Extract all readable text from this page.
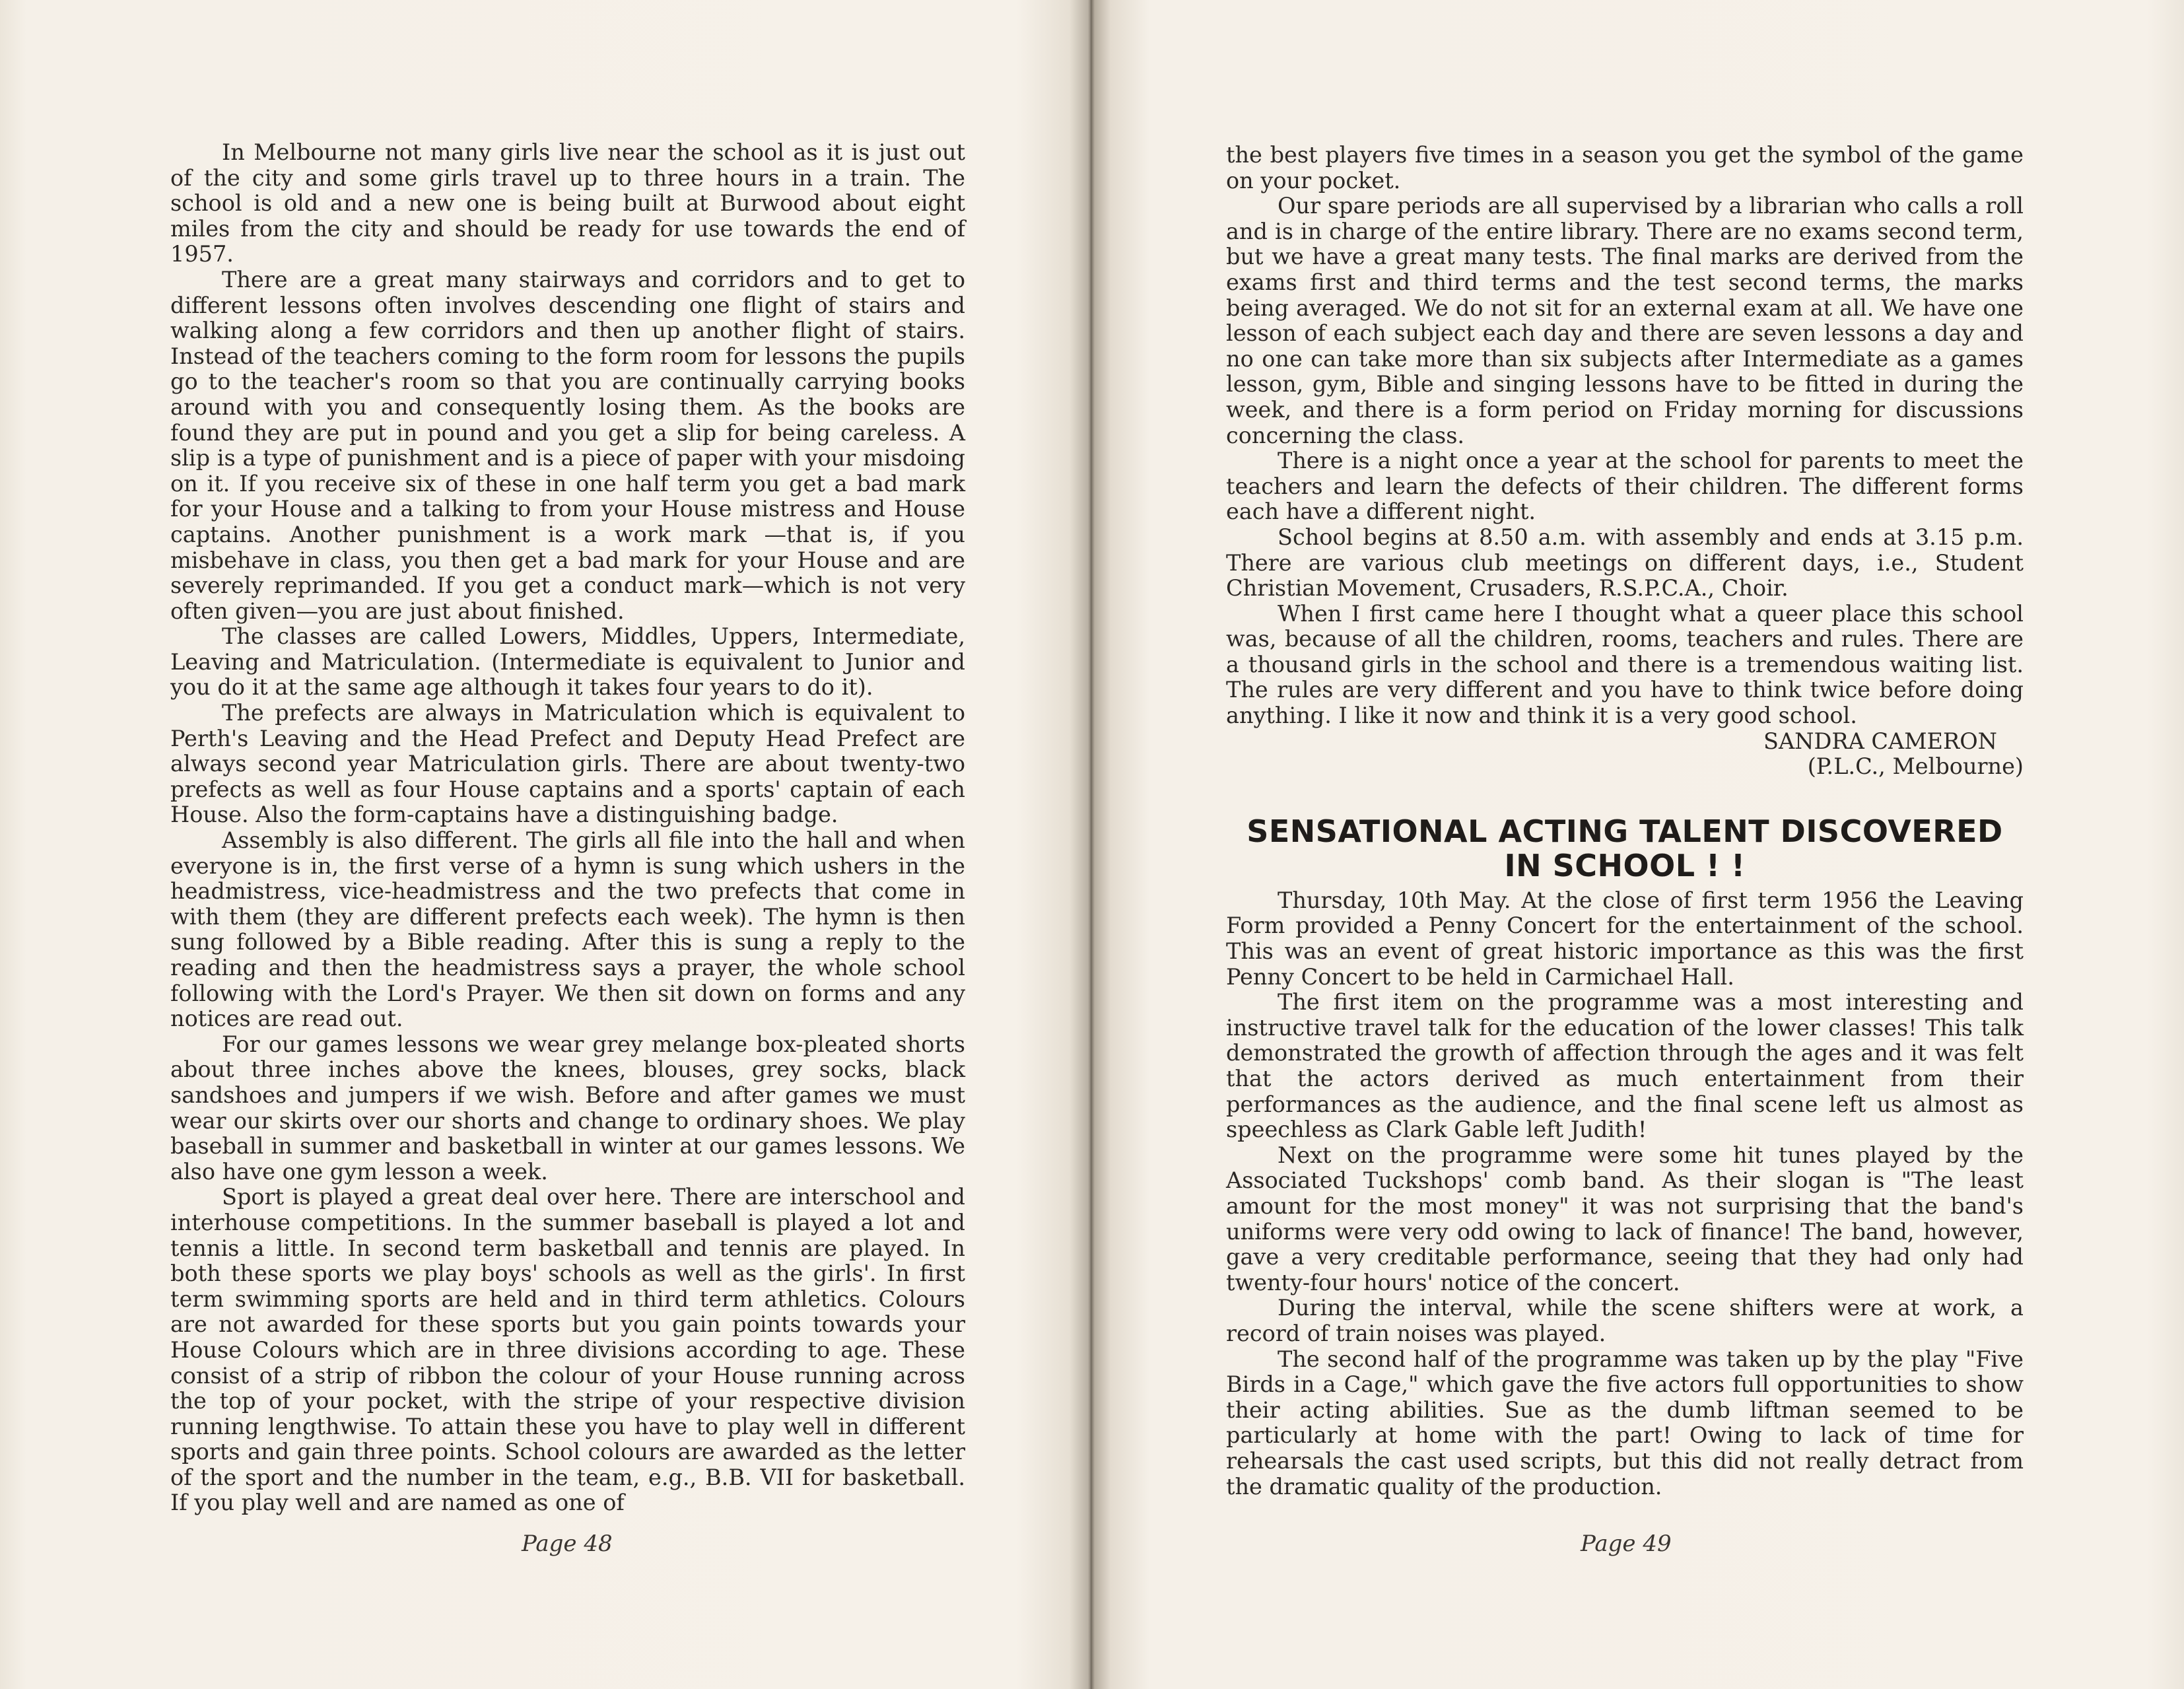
In Melbourne not many girls live near the school as it is just out of the city and some girls travel up to three hours in a train. The school is old and a new one is being built at Burwood about eight miles from the city and should be ready for use towards the end of 1957.

There are a great many stairways and corridors and to get to different lessons often involves descending one flight of stairs and walking along a few corridors and then up another flight of stairs. Instead of the teachers coming to the form room for lessons the pupils go to the teacher's room so that you are continually carrying books around with you and consequently losing them. As the books are found they are put in pound and you get a slip for being careless. A slip is a type of punishment and is a piece of paper with your misdoing on it. If you receive six of these in one half term you get a bad mark for your House and a talking to from your House mistress and House captains. Another punishment is a work mark —that is, if you misbehave in class, you then get a bad mark for your House and are severely reprimanded. If you get a conduct mark—which is not very often given—you are just about finished.

The classes are called Lowers, Middles, Uppers, Intermediate, Leaving and Matriculation. (Intermediate is equivalent to Junior and you do it at the same age although it takes four years to do it).

The prefects are always in Matriculation which is equivalent to Perth's Leaving and the Head Prefect and Deputy Head Prefect are always second year Matriculation girls. There are about twenty-two prefects as well as four House captains and a sports' captain of each House. Also the form-captains have a distinguishing badge.

Assembly is also different. The girls all file into the hall and when everyone is in, the first verse of a hymn is sung which ushers in the headmistress, vice-headmistress and the two prefects that come in with them (they are different prefects each week). The hymn is then sung followed by a Bible reading. After this is sung a reply to the reading and then the headmistress says a prayer, the whole school following with the Lord's Prayer. We then sit down on forms and any notices are read out.

For our games lessons we wear grey melange box-pleated shorts about three inches above the knees, blouses, grey socks, black sandshoes and jumpers if we wish. Before and after games we must wear our skirts over our shorts and change to ordinary shoes. We play baseball in summer and basketball in winter at our games lessons. We also have one gym lesson a week.

Sport is played a great deal over here. There are interschool and interhouse competitions. In the summer baseball is played a lot and tennis a little. In second term basketball and tennis are played. In both these sports we play boys' schools as well as the girls'. In first term swimming sports are held and in third term athletics. Colours are not awarded for these sports but you gain points towards your House Colours which are in three divisions according to age. These consist of a strip of ribbon the colour of your House running across the top of your pocket, with the stripe of your respective division running lengthwise. To attain these you have to play well in different sports and gain three points. School colours are awarded as the letter of the sport and the number in the team, e.g., B.B. VII for basketball. If you play well and are named as one of

Page 48

the best players five times in a season you get the symbol of the game on your pocket.

Our spare periods are all supervised by a librarian who calls a roll and is in charge of the entire library. There are no exams second term, but we have a great many tests. The final marks are derived from the exams first and third terms and the test second terms, the marks being averaged. We do not sit for an external exam at all. We have one lesson of each subject each day and there are seven lessons a day and no one can take more than six subjects after Intermediate as a games lesson, gym, Bible and singing lessons have to be fitted in during the week, and there is a form period on Friday morning for discussions concerning the class.

There is a night once a year at the school for parents to meet the teachers and learn the defects of their children. The different forms each have a different night.

School begins at 8.50 a.m. with assembly and ends at 3.15 p.m. There are various club meetings on different days, i.e., Student Christian Movement, Crusaders, R.S.P.C.A., Choir.

When I first came here I thought what a queer place this school was, because of all the children, rooms, teachers and rules. There are a thousand girls in the school and there is a tremendous waiting list. The rules are very different and you have to think twice before doing anything. I like it now and think it is a very good school.

SANDRA CAMERON

(P.L.C., Melbourne)

SENSATIONAL ACTING TALENT DISCOVERED
IN SCHOOL ! !

Thursday, 10th May. At the close of first term 1956 the Leaving Form provided a Penny Concert for the entertainment of the school. This was an event of great historic importance as this was the first Penny Concert to be held in Carmichael Hall.

The first item on the programme was a most interesting and instructive travel talk for the education of the lower classes! This talk demonstrated the growth of affection through the ages and it was felt that the actors derived as much entertainment from their performances as the audience, and the final scene left us almost as speechless as Clark Gable left Judith!

Next on the programme were some hit tunes played by the Associated Tuckshops' comb band. As their slogan is "The least amount for the most money" it was not surprising that the band's uniforms were very odd owing to lack of finance! The band, however, gave a very creditable performance, seeing that they had only had twenty-four hours' notice of the concert.

During the interval, while the scene shifters were at work, a record of train noises was played.

The second half of the programme was taken up by the play "Five Birds in a Cage," which gave the five actors full opportunities to show their acting abilities. Sue as the dumb liftman seemed to be particularly at home with the part! Owing to lack of time for rehearsals the cast used scripts, but this did not really detract from the dramatic quality of the production.

Page 49
